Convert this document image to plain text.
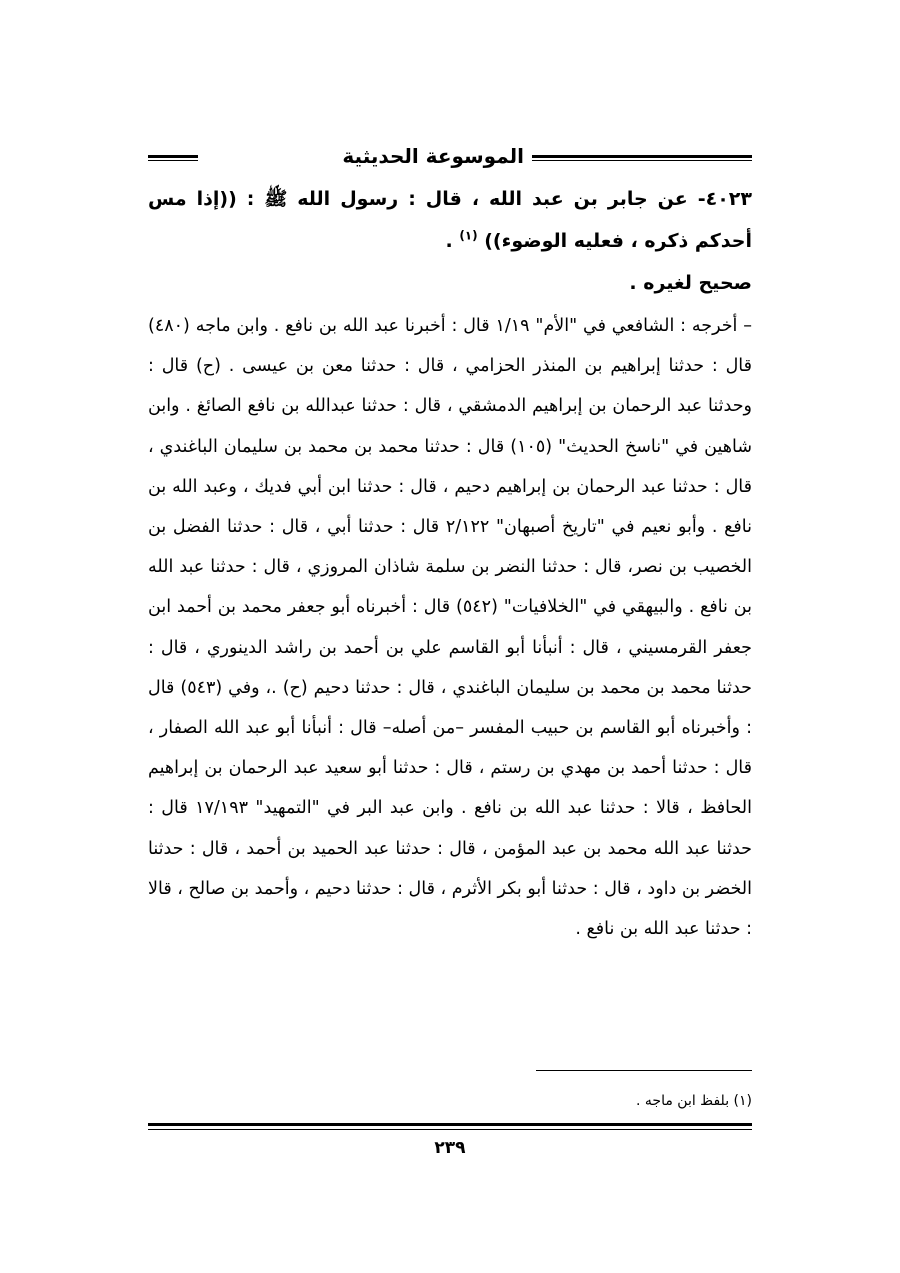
الموسوعة الحديثية

٤٠٢٣- عن جابر بن عبد الله ، قال : رسول الله ﷺ : ((إذا مس أحدكم ذكره ، فعليه الوضوء)) $^{(١)}$ .

صحيح لغيره .

– أخرجه : الشافعي في "الأم" ١/١٩ قال : أخبرنا عبد الله بن نافع . وابن ماجه (٤٨٠) قال : حدثنا إبراهيم بن المنذر الحزامي ، قال : حدثنا معن بن عيسى . (ح) قال : وحدثنا عبد الرحمان بن إبراهيم الدمشقي ، قال : حدثنا عبدالله بن نافع الصائغ . وابن شاهين في "ناسخ الحديث" (١٠٥) قال : حدثنا محمد بن محمد بن سليمان الباغندي ، قال : حدثنا عبد الرحمان بن إبراهيم دحيم ، قال : حدثنا ابن أبي فديك ، وعبد الله بن نافع . وأبو نعيم في "تاريخ أصبهان" ٢/١٢٢ قال : حدثنا أبي ، قال : حدثنا الفضل بن الخصيب بن نصر، قال : حدثنا النضر بن سلمة شاذان المروزي ، قال : حدثنا عبد الله بن نافع . والبيهقي في "الخلافيات" (٥٤٢) قال : أخبرناه أبو جعفر محمد بن أحمد ابن جعفر القرمسيني ، قال : أنبأنا أبو القاسم علي بن أحمد بن راشد الدينوري ، قال : حدثنا محمد بن محمد بن سليمان الباغندي ، قال : حدثنا دحيم (ح) .، وفي (٥٤٣) قال : وأخبرناه أبو القاسم بن حبيب المفسر –من أصله– قال : أنبأنا أبو عبد الله الصفار ، قال : حدثنا أحمد بن مهدي بن رستم ، قال : حدثنا أبو سعيد عبد الرحمان بن إبراهيم الحافظ ، قالا : حدثنا عبد الله بن نافع . وابن عبد البر في "التمهيد" ١٧/١٩٣ قال : حدثنا عبد الله محمد بن عبد المؤمن ، قال : حدثنا عبد الحميد بن أحمد ، قال : حدثنا الخضر بن داود ، قال : حدثنا أبو بكر الأثرم ، قال : حدثنا دحيم ، وأحمد بن صالح ، قالا : حدثنا عبد الله بن نافع .

(١) بلفظ ابن ماجه .
٢٣٩
